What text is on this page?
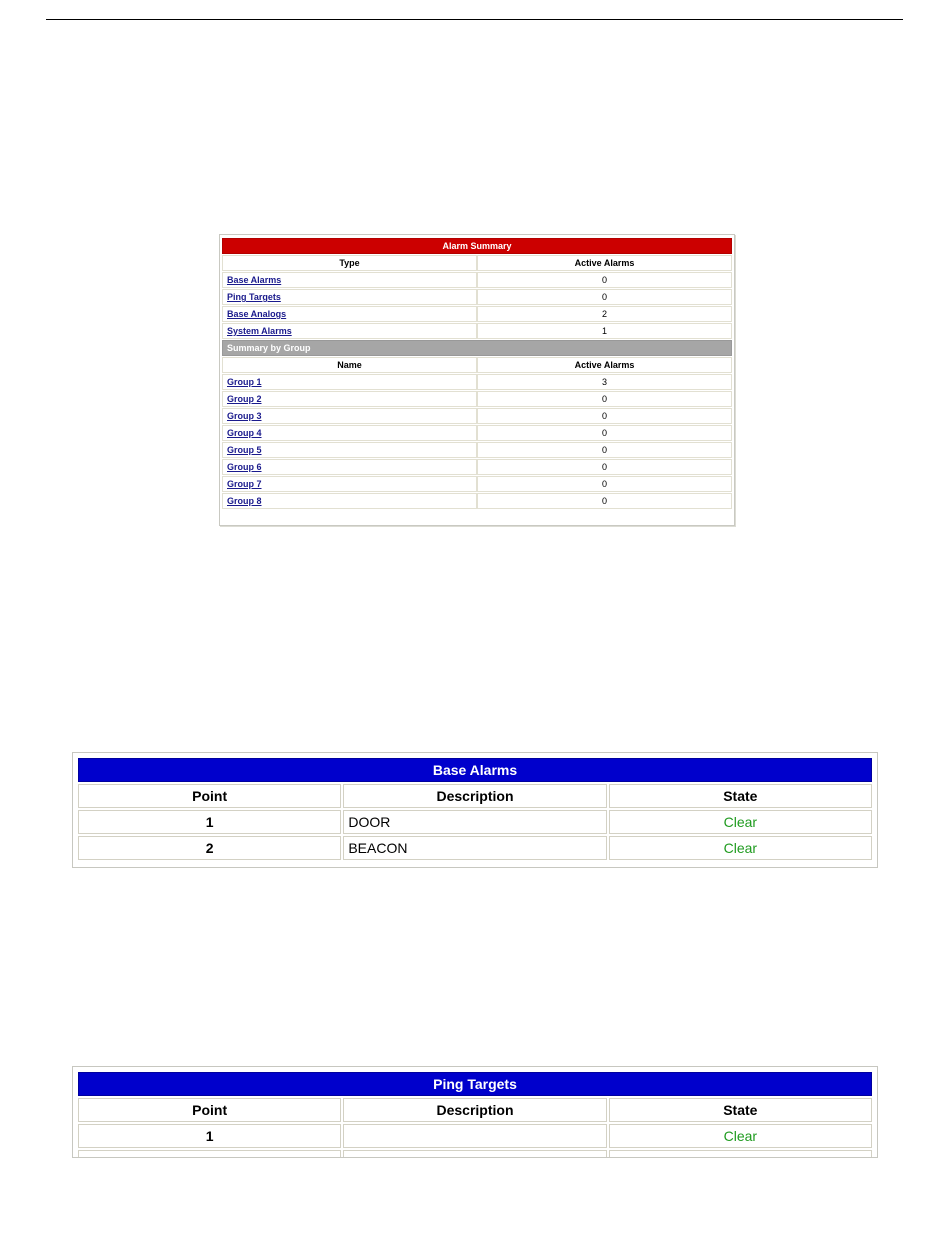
Alarm Summary	
Type	Active Alarms
Base Alarms	0
Ping Targets	0
Base Analogs	2
System Alarms	1
Summary by Group	
Name	Active Alarms
Group 1	3
Group 2	0
Group 3	0
Group 4	0
Group 5	0
Group 6	0
Group 7	0
Group 8	0
Base Alarms		
Point	Description	State
1	DOOR	Clear
2	BEACON	Clear
Ping Targets		
Point	Description	State
1		Clear
